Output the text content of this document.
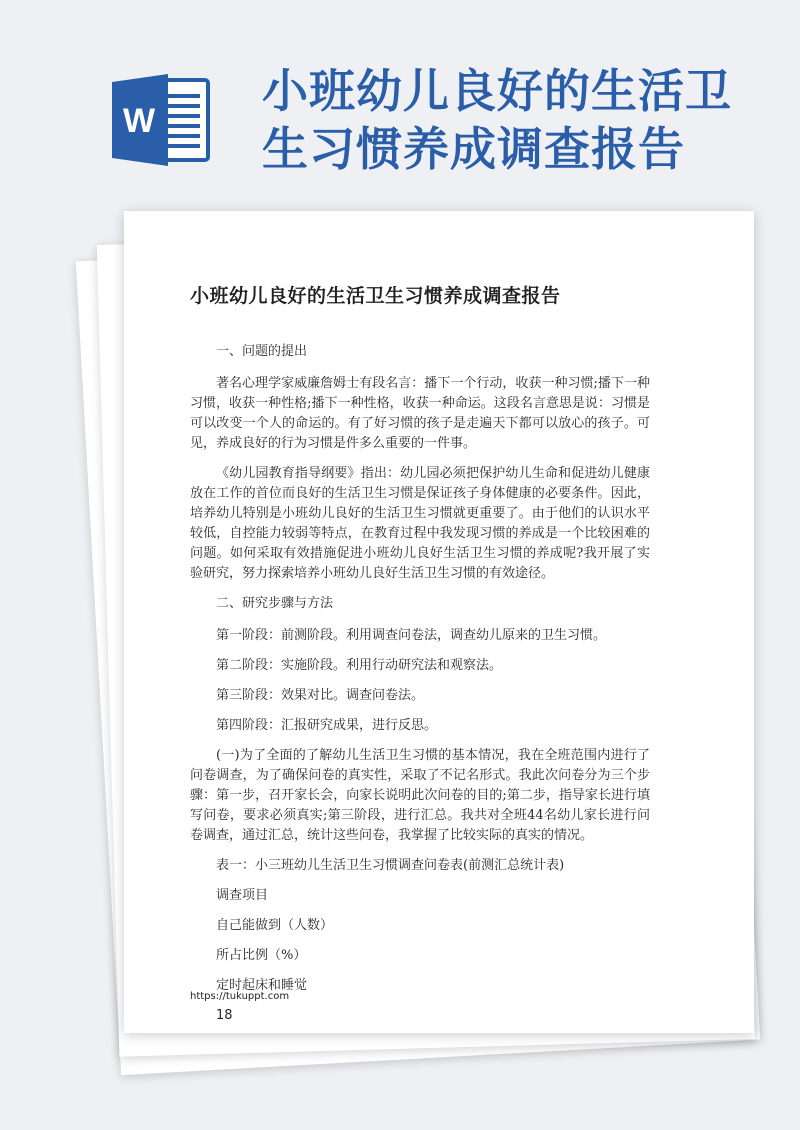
W
小班幼儿良好的生活卫
生习惯养成调查报告
小班幼儿良好的生活卫生习惯养成调查报告
一、问题的提出

著名心理学家威廉詹姆士有段名言：播下一个行动，收获一种习惯;播下一种习惯，收获一种性格;播下一种性格，收获一种命运。这段名言意思是说：习惯是可以改变一个人的命运的。有了好习惯的孩子是走遍天下都可以放心的孩子。可见，养成良好的行为习惯是件多么重要的一件事。

《幼儿园教育指导纲要》指出：幼儿园必须把保护幼儿生命和促进幼儿健康放在工作的首位而良好的生活卫生习惯是保证孩子身体健康的必要条件。因此，培养幼儿特别是小班幼儿良好的生活卫生习惯就更重要了。由于他们的认识水平较低，自控能力较弱等特点，在教育过程中我发现习惯的养成是一个比较困难的问题。如何采取有效措施促进小班幼儿良好生活卫生习惯的养成呢?我开展了实验研究，努力探索培养小班幼儿良好生活卫生习惯的有效途径。

二、研究步骤与方法
第一阶段：前测阶段。利用调查问卷法，调查幼儿原来的卫生习惯。
第二阶段：实施阶段。利用行动研究法和观察法。
第三阶段：效果对比。调查问卷法。
第四阶段：汇报研究成果，进行反思。

(一)为了全面的了解幼儿生活卫生习惯的基本情况，我在全班范围内进行了问卷调查，为了确保问卷的真实性，采取了不记名形式。我此次问卷分为三个步骤：第一步，召开家长会，向家长说明此次问卷的目的;第二步，指导家长进行填写问卷，要求必须真实;第三阶段，进行汇总。我共对全班44名幼儿家长进行问卷调查，通过汇总，统计这些问卷，我掌握了比较实际的真实的情况。

表一：小三班幼儿生活卫生习惯调查问卷表(前测汇总统计表)
调查项目
自己能做到（人数）
所占比例（%）
定时起床和睡觉
18
https://tukuppt.com
